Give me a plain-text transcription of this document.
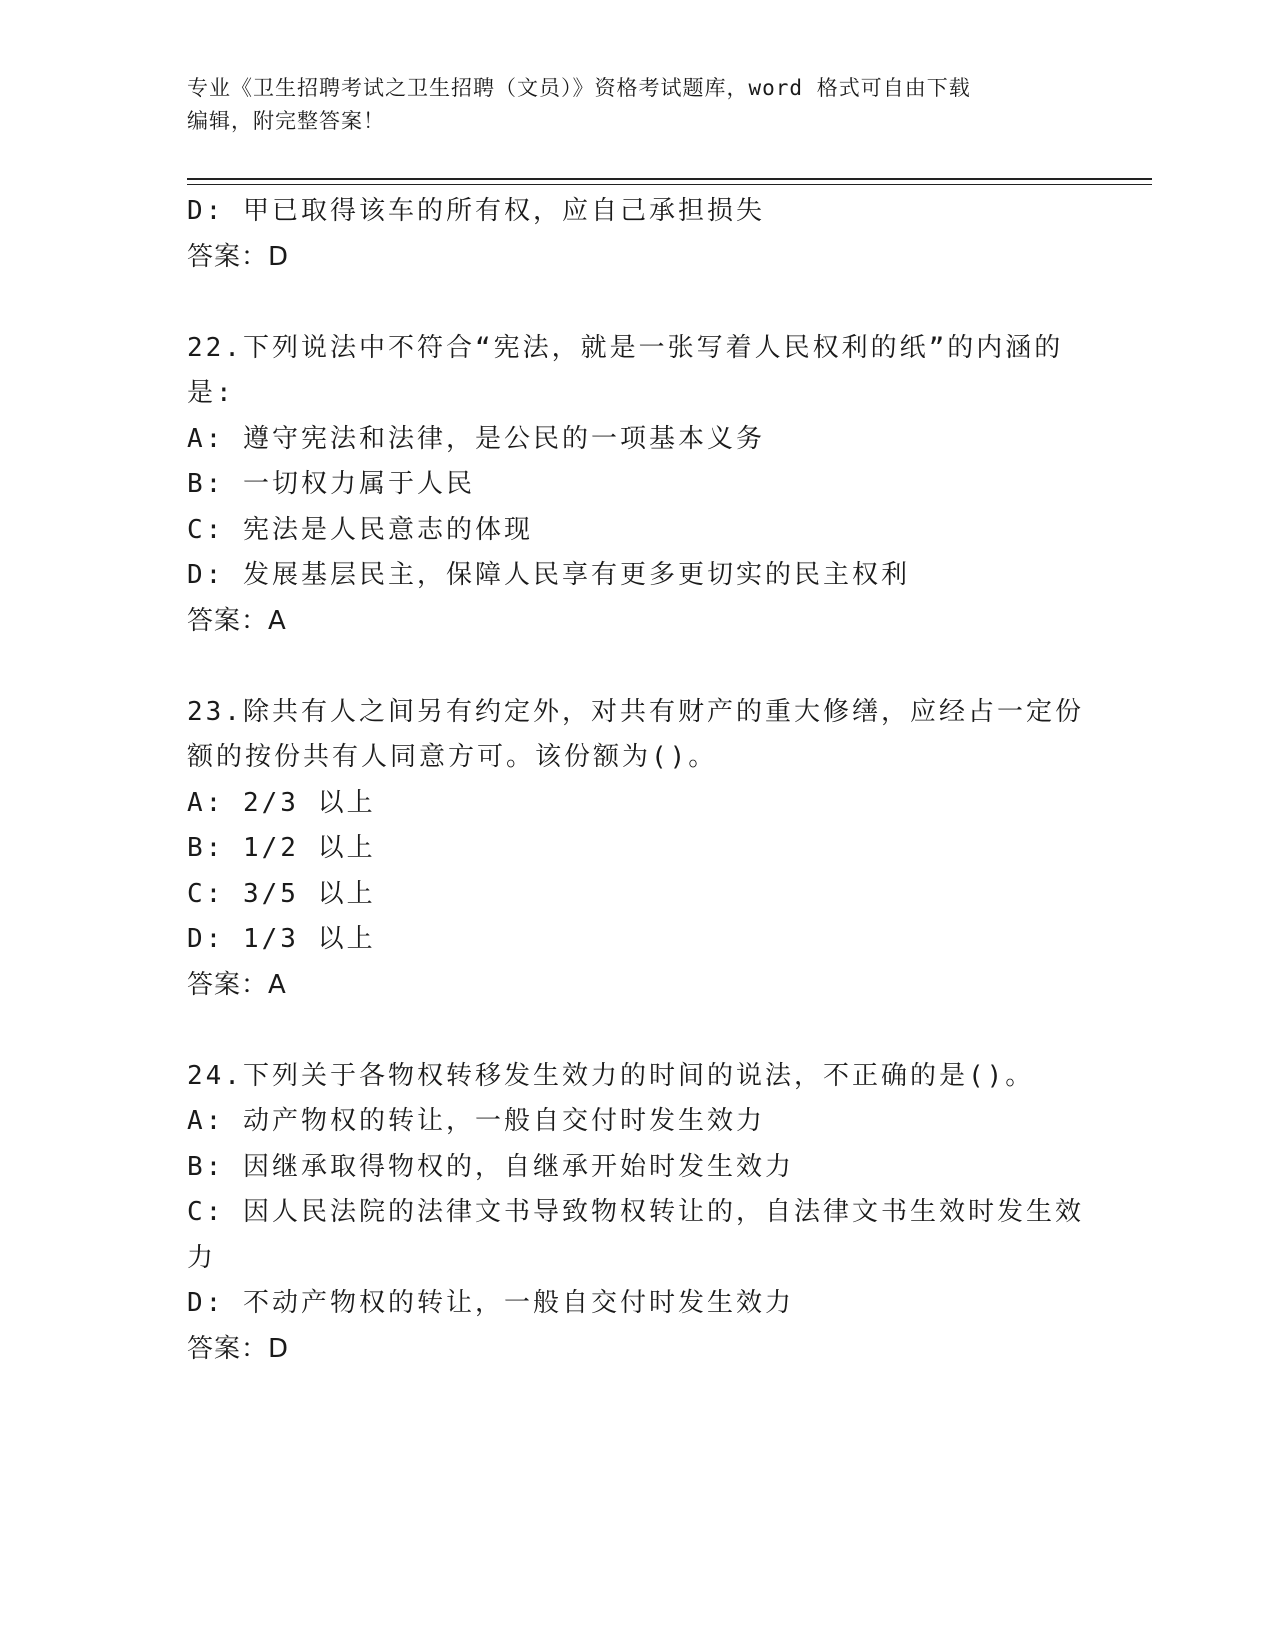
专业《卫生招聘考试之卫生招聘（文员）》资格考试题库，word 格式可自由下载
编辑，附完整答案！
D: 甲已取得该车的所有权，应自己承担损失
答案：D
22.下列说法中不符合“宪法，就是一张写着人民权利的纸”的内涵的
是:
A: 遵守宪法和法律，是公民的一项基本义务
B: 一切权力属于人民
C: 宪法是人民意志的体现
D: 发展基层民主，保障人民享有更多更切实的民主权利
答案：A
23.除共有人之间另有约定外，对共有财产的重大修缮，应经占一定份
额的按份共有人同意方可。该份额为()。
A: 2/3 以上
B: 1/2 以上
C: 3/5 以上
D: 1/3 以上
答案：A
24.下列关于各物权转移发生效力的时间的说法，不正确的是()。
A: 动产物权的转让，一般自交付时发生效力
B: 因继承取得物权的，自继承开始时发生效力
C: 因人民法院的法律文书导致物权转让的，自法律文书生效时发生效
力
D: 不动产物权的转让，一般自交付时发生效力
答案：D
